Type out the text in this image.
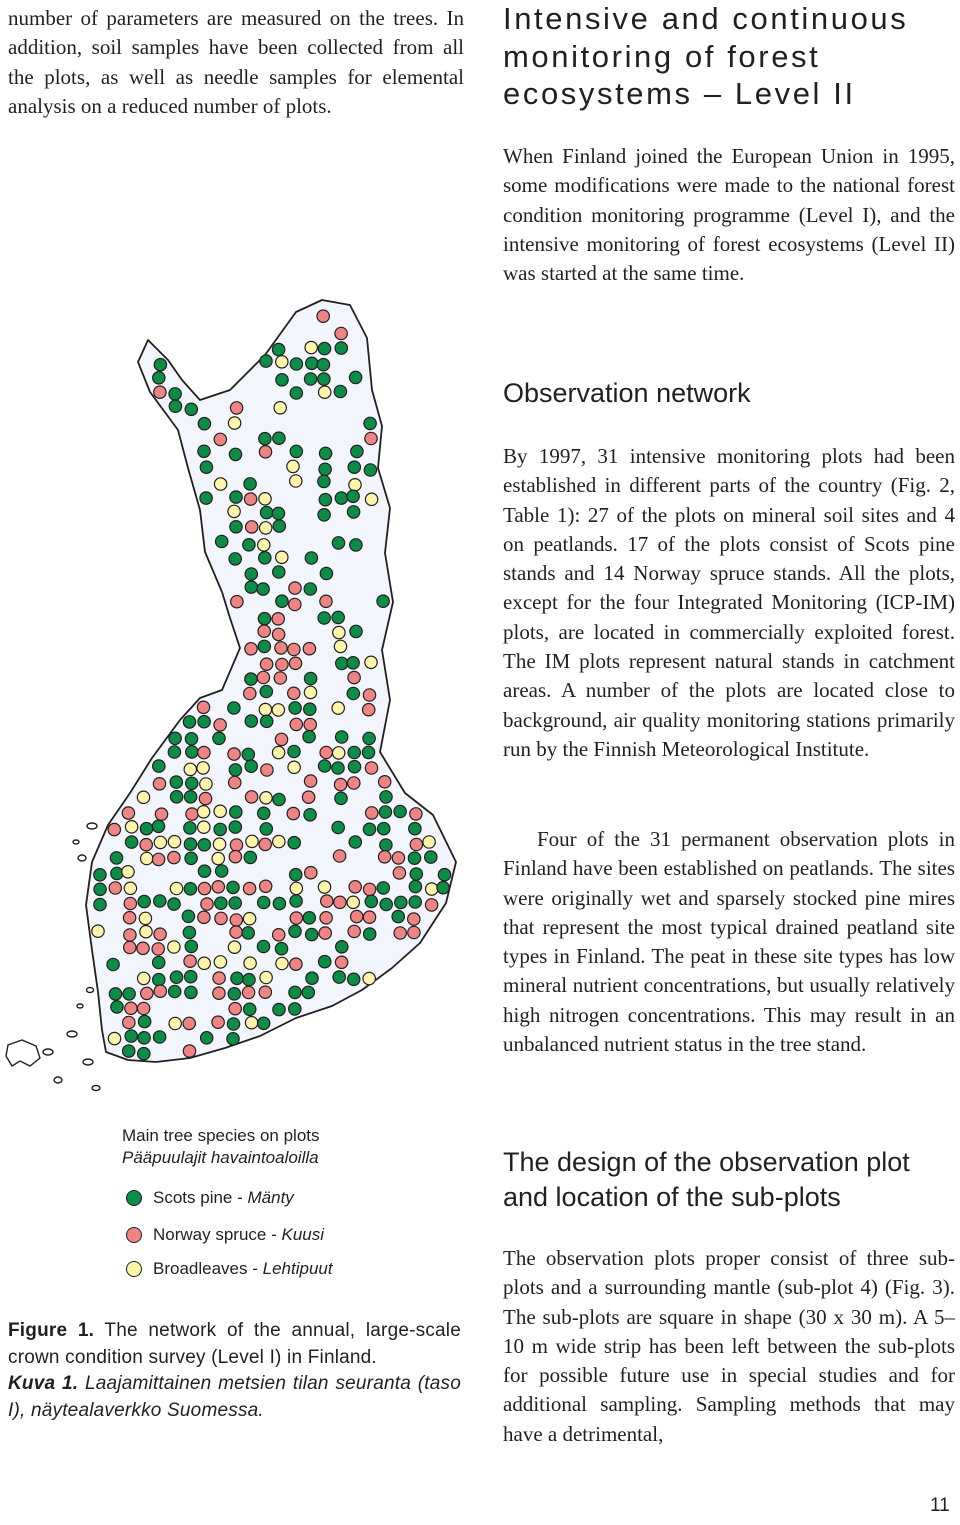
number of parameters are measured on the trees. In addition, soil samples have been collected from all the plots, as well as needle samples for elemental analysis on a reduced number of plots.

Intensive and continuous
monitoring of forest
ecosystems – Level II

When Finland joined the European Union in 1995, some modifications were made to the national forest condition monitoring programme (Level I), and the intensive monitoring of forest ecosystems (Level II) was started at the same time.

Observation network

By 1997, 31 intensive monitoring plots had been established in different parts of the country (Fig. 2, Table 1): 27 of the plots on mineral soil sites and 4 on peatlands. 17 of the plots consist of Scots pine stands and 14 Norway spruce stands. All the plots, except for the four Integrated Monitoring (ICP-IM) plots, are located in commercially exploited forest. The IM plots represent natural stands in catchment areas. A number of the plots are located close to background, air quality monitoring stations primarily run by the Finnish Meteorological Institute.

Four of the 31 permanent observation plots in Finland have been established on peatlands. The sites were originally wet and sparsely stocked pine mires that represent the most typical drained peatland site types in Finland. The peat in these site types has low mineral nutrient concentrations, but usually relatively high nitrogen concentrations. This may result in an unbalanced nutrient status in the tree stand.

The design of the observation plot
and location of the sub-plots

The observation plots proper consist of three sub-plots and a surrounding mantle (sub-plot 4) (Fig. 3). The sub-plots are square in shape (30 x 30 m). A 5–10 m wide strip has been left between the sub-plots for possible future use in special studies and for additional sampling. Sampling methods that may have a detrimental,

Main tree species on plots
Pääpuulajit havaintoaloilla
Scots pine - Mänty
Norway spruce - Kuusi
Broadleaves - Lehtipuut
Figure 1. The network of the annual, large-scale crown condition survey (Level I) in Finland.
Kuva 1. Laajamittainen metsien tilan seuranta (taso I), näytealaverkko Suomessa.
11
